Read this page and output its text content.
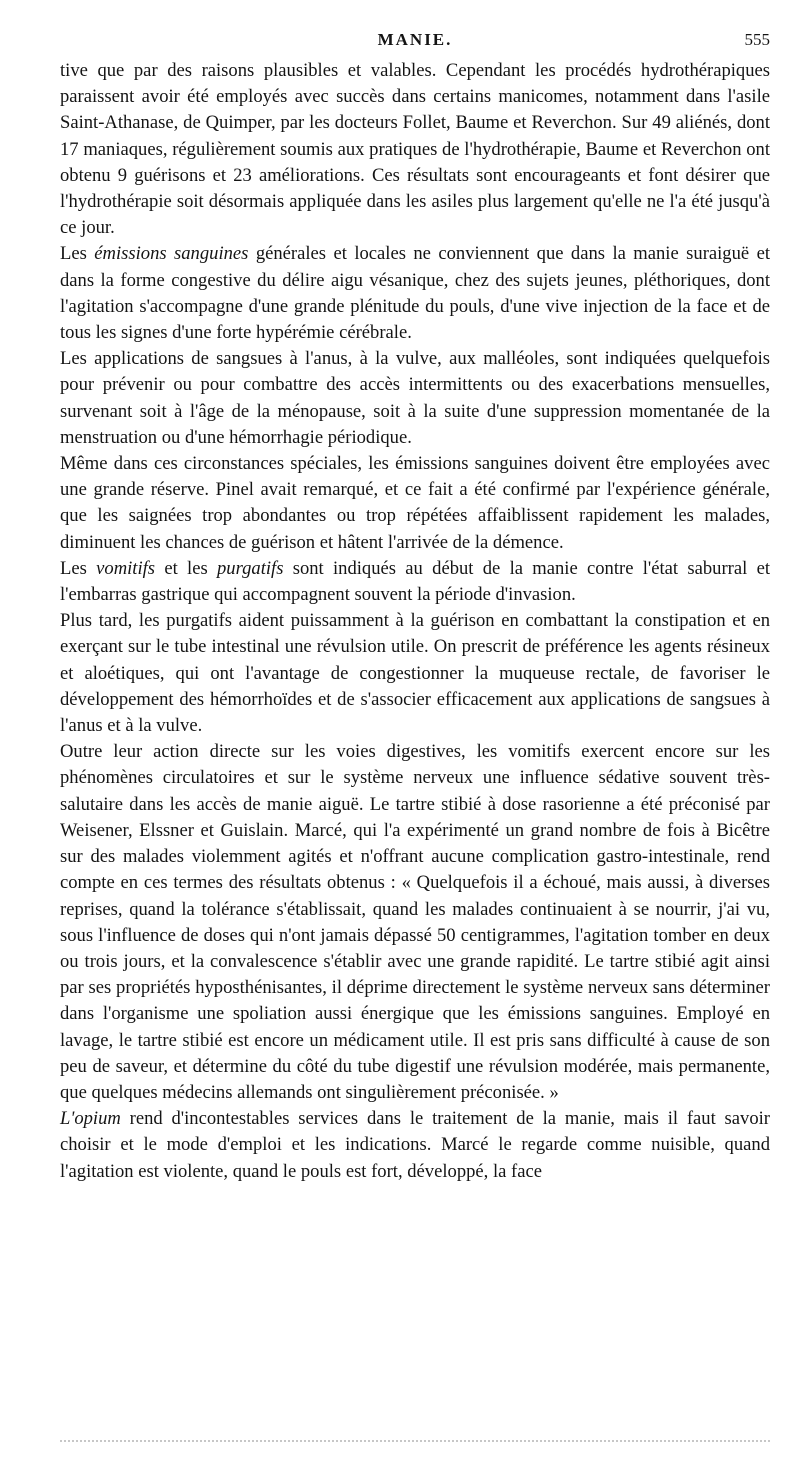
MANIE.	555

tive que par des raisons plausibles et valables. Cependant les procédés hydrothérapiques paraissent avoir été employés avec succès dans certains manicomes, notamment dans l'asile Saint-Athanase, de Quimper, par les docteurs Follet, Baume et Reverchon. Sur 49 aliénés, dont 17 maniaques, régulièrement soumis aux pratiques de l'hydrothérapie, Baume et Reverchon ont obtenu 9 guérisons et 23 améliorations. Ces résultats sont encourageants et font désirer que l'hydrothérapie soit désormais appliquée dans les asiles plus largement qu'elle ne l'a été jusqu'à ce jour.

Les émissions sanguines générales et locales ne conviennent que dans la manie suraiguë et dans la forme congestive du délire aigu vésanique, chez des sujets jeunes, pléthoriques, dont l'agitation s'accompagne d'une grande plénitude du pouls, d'une vive injection de la face et de tous les signes d'une forte hypérémie cérébrale.

Les applications de sangsues à l'anus, à la vulve, aux malléoles, sont indiquées quelquefois pour prévenir ou pour combattre des accès intermittents ou des exacerbations mensuelles, survenant soit à l'âge de la ménopause, soit à la suite d'une suppression momentanée de la menstruation ou d'une hémorrhagie périodique.

Même dans ces circonstances spéciales, les émissions sanguines doivent être employées avec une grande réserve. Pinel avait remarqué, et ce fait a été confirmé par l'expérience générale, que les saignées trop abondantes ou trop répétées affaiblissent rapidement les malades, diminuent les chances de guérison et hâtent l'arrivée de la démence.

Les vomitifs et les purgatifs sont indiqués au début de la manie contre l'état saburral et l'embarras gastrique qui accompagnent souvent la période d'invasion.

Plus tard, les purgatifs aident puissamment à la guérison en combattant la constipation et en exerçant sur le tube intestinal une révulsion utile. On prescrit de préférence les agents résineux et aloétiques, qui ont l'avantage de congestionner la muqueuse rectale, de favoriser le développement des hémorrhoïdes et de s'associer efficacement aux applications de sangsues à l'anus et à la vulve.

Outre leur action directe sur les voies digestives, les vomitifs exercent encore sur les phénomènes circulatoires et sur le système nerveux une influence sédative souvent très-salutaire dans les accès de manie aiguë. Le tartre stibié à dose rasorienne a été préconisé par Weisener, Elssner et Guislain. Marcé, qui l'a expérimenté un grand nombre de fois à Bicêtre sur des malades violemment agités et n'offrant aucune complication gastro-intestinale, rend compte en ces termes des résultats obtenus : « Quelquefois il a échoué, mais aussi, à diverses reprises, quand la tolérance s'établissait, quand les malades continuaient à se nourrir, j'ai vu, sous l'influence de doses qui n'ont jamais dépassé 50 centigrammes, l'agitation tomber en deux ou trois jours, et la convalescence s'établir avec une grande rapidité. Le tartre stibié agit ainsi par ses propriétés hyposthénisantes, il déprime directement le système nerveux sans déterminer dans l'organisme une spoliation aussi énergique que les émissions sanguines. Employé en lavage, le tartre stibié est encore un médicament utile. Il est pris sans difficulté à cause de son peu de saveur, et détermine du côté du tube digestif une révulsion modérée, mais permanente, que quelques médecins allemands ont singulièrement préconisée. »

L'opium rend d'incontestables services dans le traitement de la manie, mais il faut savoir choisir et le mode d'emploi et les indications. Marcé le regarde comme nuisible, quand l'agitation est violente, quand le pouls est fort, développé, la face
